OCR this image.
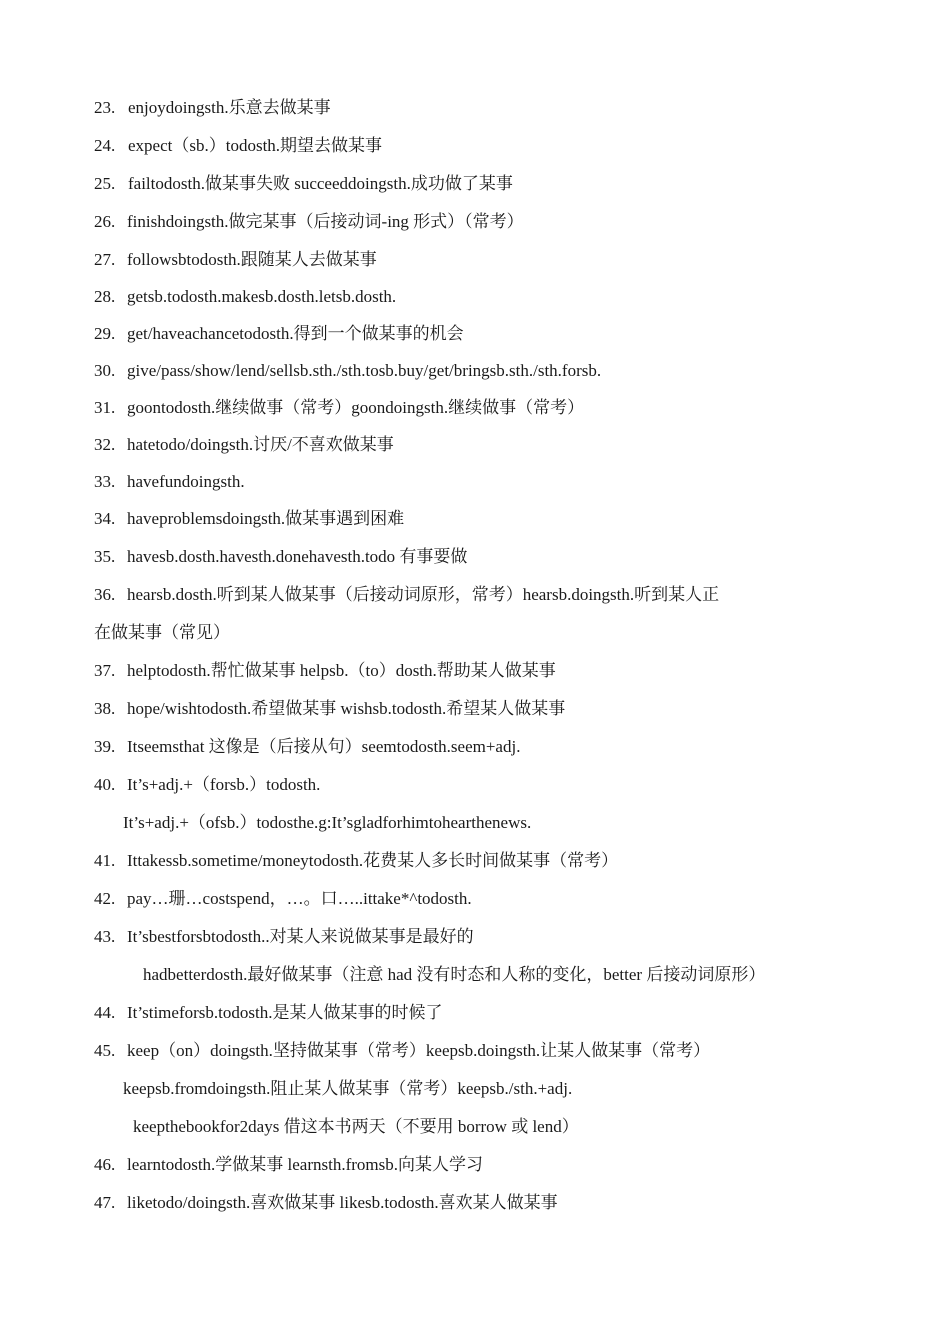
23. enjoydoingsth.乐意去做某事
24. expect（sb.）todosth.期望去做某事
25. failtodosth.做某事失败 succeeddoingsth.成功做了某事
26. finishdoingsth.做完某事（后接动词-ing 形式）（常考）
27. followsbtodosth.跟随某人去做某事
28. getsb.todosth.makesb.dosth.letsb.dosth.
29. get/haveachancetodosth.得到一个做某事的机会
30. give/pass/show/lend/sellsb.sth./sth.tosb.buy/get/bringsb.sth./sth.forsb.
31. goontodosth.继续做事（常考）goondoingsth.继续做事（常考）
32. hatetodo/doingsth.讨厌/不喜欢做某事
33. havefundoingsth.
34. haveproblemsdoingsth.做某事遇到困难
35. havesb.dosth.havesth.donehavesth.todo 有事要做
36. hearsb.dosth.听到某人做某事（后接动词原形，常考）hearsb.doingsth.听到某人正
在做某事（常见）
37. helptodosth.帮忙做某事 helpsb.（to）dosth.帮助某人做某事
38. hope/wishtodosth.希望做某事 wishsb.todosth.希望某人做某事
39. Itseemsthat 这像是（后接从句）seemtodosth.seem+adj.
40. It’s+adj.+（forsb.）todosth.
It’s+adj.+（ofsb.）todosthe.g:It’sgladforhimtohearthenews.
41. Ittakessb.sometime/moneytodosth.花费某人多长时间做某事（常考）
42. pay…珊…costspend，…。口…..ittake*^todosth.
43. It’sbestforsbtodosth..对某人来说做某事是最好的
hadbetterdosth.最好做某事（注意 had 没有时态和人称的变化，better 后接动词原形）
44. It’stimeforsb.todosth.是某人做某事的时候了
45. keep（on）doingsth.坚持做某事（常考）keepsb.doingsth.让某人做某事（常考）
keepsb.fromdoingsth.阻止某人做某事（常考）keepsb./sth.+adj.
keepthebookfor2days 借这本书两天（不要用 borrow 或 lend）
46. learntodosth.学做某事 learnsth.fromsb.向某人学习
47. liketodo/doingsth.喜欢做某事 likesb.todosth.喜欢某人做某事
